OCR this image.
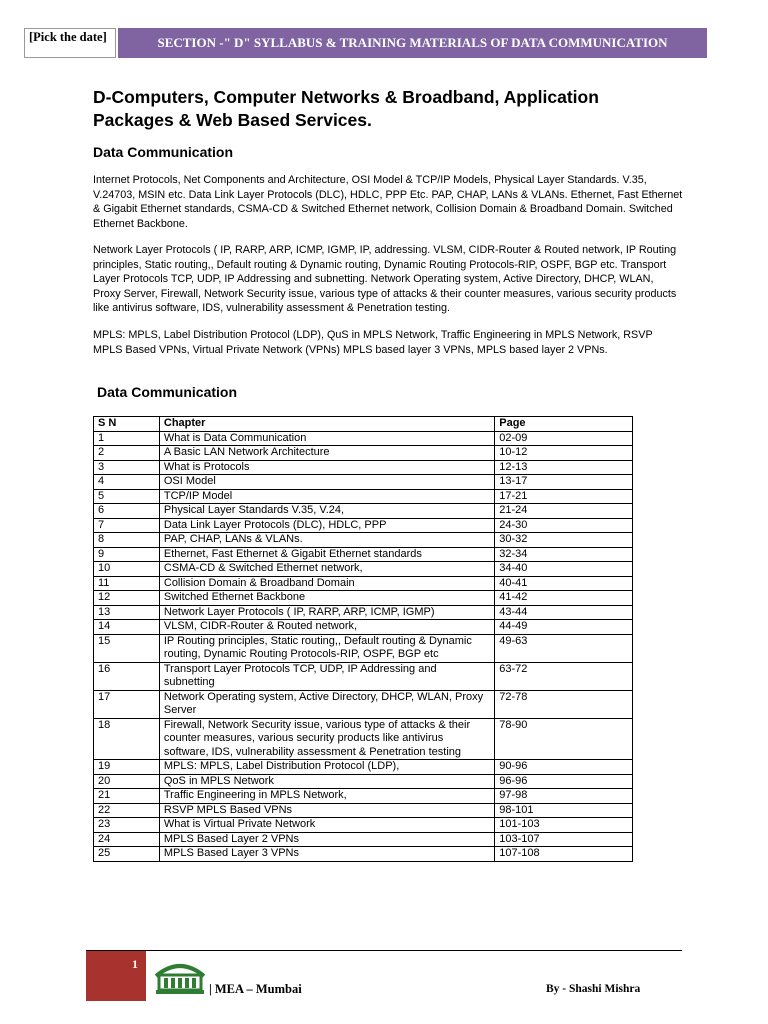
[Pick the date]	SECTION -" D" SYLLABUS & TRAINING MATERIALS OF DATA COMMUNICATION
D-Computers, Computer Networks & Broadband, Application Packages & Web Based Services.
Data Communication

Internet Protocols, Net Components and Architecture, OSI Model & TCP/IP Models, Physical Layer Standards. V.35, V.24703, MSIN etc. Data Link Layer Protocols (DLC), HDLC, PPP Etc. PAP, CHAP, LANs & VLANs. Ethernet, Fast Ethernet & Gigabit Ethernet standards, CSMA-CD & Switched Ethernet network, Collision Domain & Broadband Domain. Switched Ethernet Backbone.

Network Layer Protocols ( IP, RARP, ARP, ICMP, IGMP, IP, addressing. VLSM, CIDR-Router & Routed network, IP Routing principles, Static routing,, Default routing & Dynamic routing, Dynamic Routing Protocols-RIP, OSPF, BGP etc. Transport Layer Protocols TCP, UDP, IP Addressing and subnetting. Network Operating system, Active Directory, DHCP, WLAN, Proxy Server, Firewall, Network Security issue, various type of attacks & their counter measures, various security products like antivirus software, IDS, vulnerability assessment & Penetration testing.

MPLS: MPLS, Label Distribution Protocol (LDP), QuS in MPLS Network, Traffic Engineering in MPLS Network, RSVP MPLS Based VPNs, Virtual Private Network (VPNs) MPLS based layer 3 VPNs, MPLS based layer 2 VPNs.

Data Communication
S N	Chapter	Page
1	What is Data Communication	02-09
2	A Basic LAN Network Architecture	10-12
3	What is Protocols	12-13
4	OSI Model	13-17
5	TCP/IP Model	17-21
6	Physical Layer Standards V.35, V.24,	21-24
7	Data Link Layer Protocols (DLC), HDLC, PPP	24-30
8	PAP, CHAP, LANs & VLANs.	30-32
9	Ethernet, Fast Ethernet & Gigabit Ethernet standards	32-34
10	CSMA-CD & Switched Ethernet network,	34-40
11	Collision Domain & Broadband Domain	40-41
12	Switched Ethernet Backbone	41-42
13	Network Layer Protocols ( IP, RARP, ARP, ICMP, IGMP)	43-44
14	VLSM, CIDR-Router & Routed network,	44-49
15	IP Routing principles, Static routing,, Default routing & Dynamic routing, Dynamic Routing Protocols-RIP, OSPF, BGP etc	49-63
16	Transport Layer Protocols TCP, UDP, IP Addressing and subnetting	63-72
17	Network Operating system, Active Directory, DHCP, WLAN, Proxy Server	72-78
18	Firewall, Network Security issue, various type of attacks & their counter measures, various security products like antivirus software, IDS, vulnerability assessment & Penetration testing	78-90
19	MPLS: MPLS, Label Distribution Protocol (LDP),	90-96
20	QoS in MPLS Network	96-96
21	Traffic Engineering in MPLS Network,	97-98
22	RSVP MPLS Based VPNs	98-101
23	What is Virtual Private Network	101-103
24	MPLS Based Layer 2 VPNs	103-107
25	MPLS Based Layer 3 VPNs	107-108
1
| MEA – Mumbai	By - Shashi Mishra
